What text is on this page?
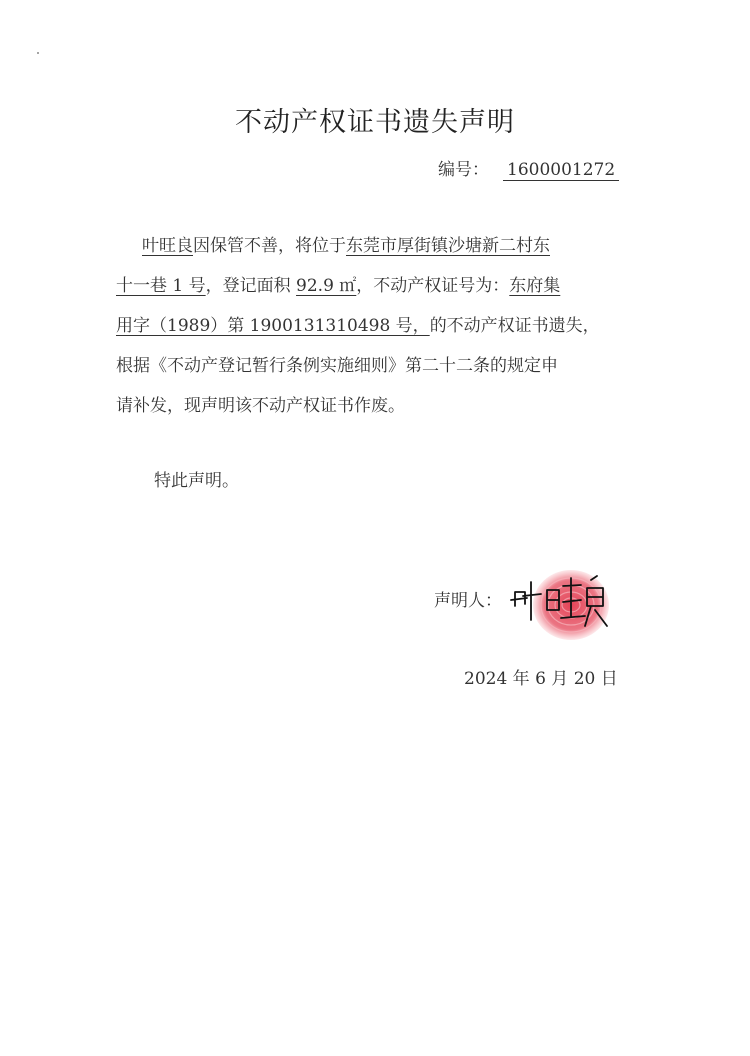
不动产权证书遗失声明
编号： 1600001272
叶旺良因保管不善，将位于东莞市厚街镇沙塘新二村东
十一巷 1 号，登记面积 92.9 ㎡，不动产权证号为：东府集
用字（1989）第 1900131310498 号，的不动产权证书遗失，
根据《不动产登记暂行条例实施细则》第二十二条的规定申
请补发，现声明该不动产权证书作废。
特此声明。
声明人：
2024 年 6 月 20 日
